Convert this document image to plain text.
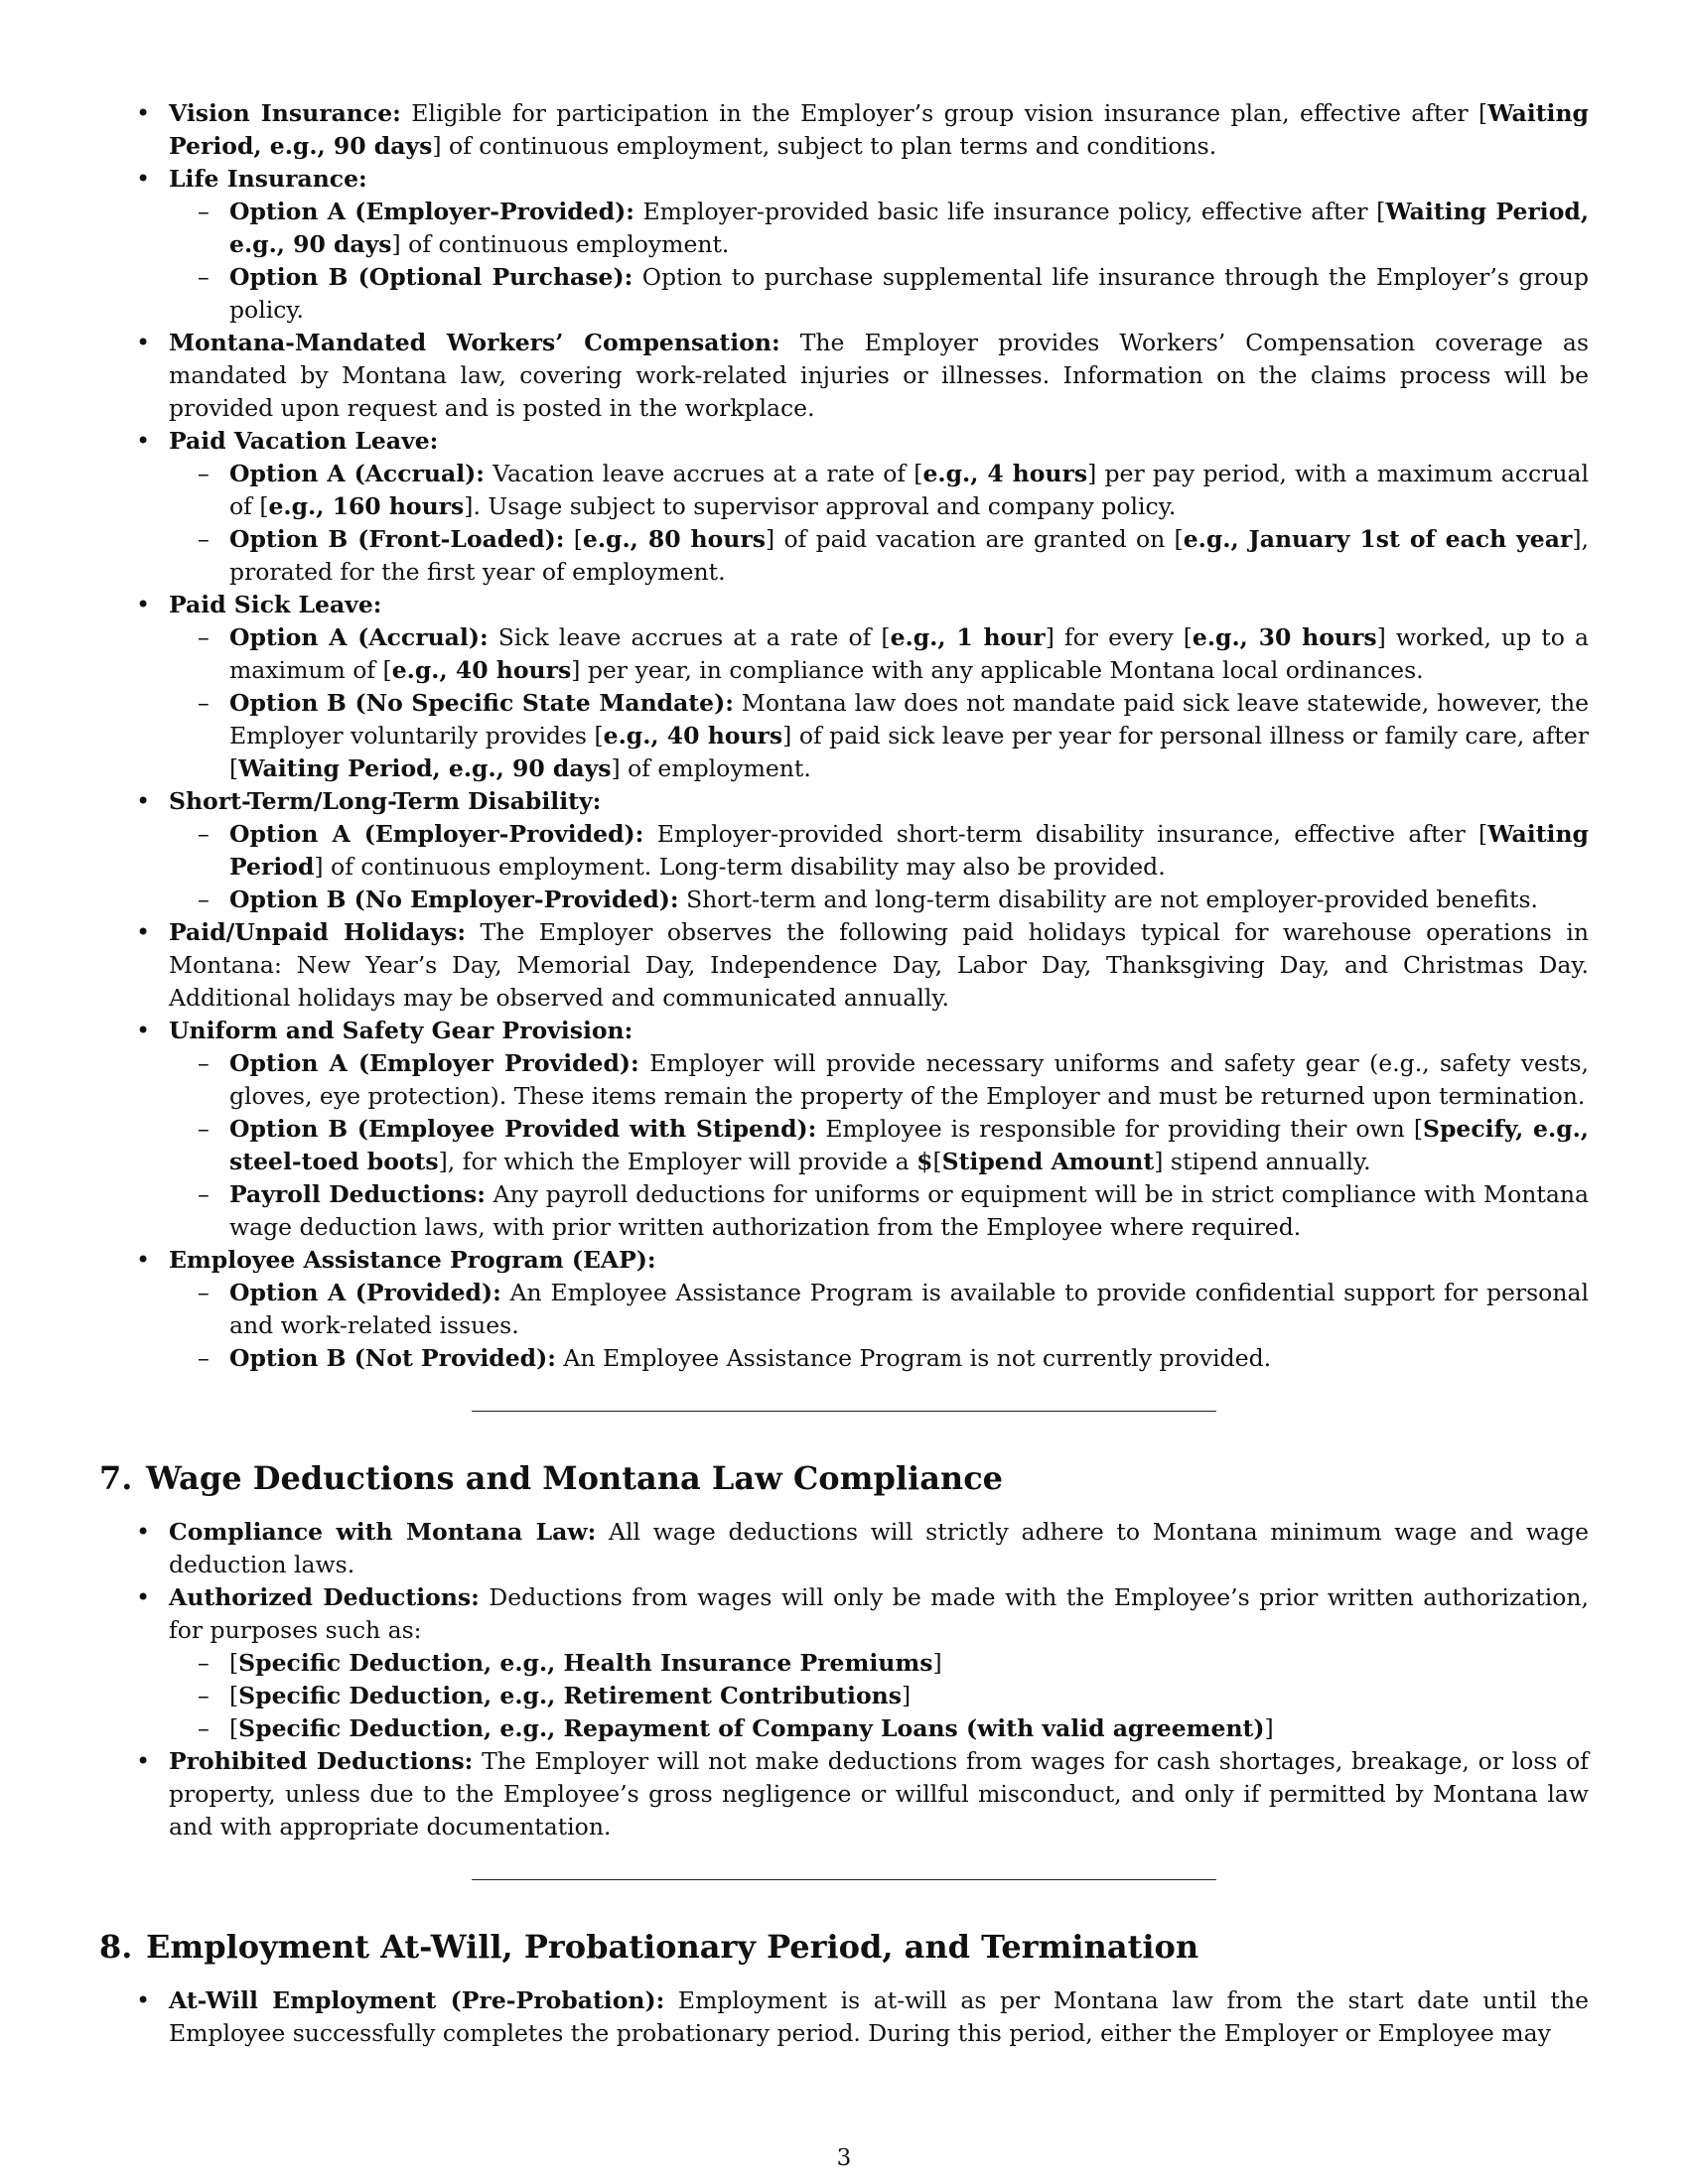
• Vision Insurance: Eligible for participation in the Employer’s group vision insurance plan, effective after [Waiting Period, e.g., 90 days] of continuous employment, subject to plan terms and conditions.
• Life Insurance:
– Option A (Employer-Provided): Employer-provided basic life insurance policy, effective after [Waiting Period, e.g., 90 days] of continuous employment.
– Option B (Optional Purchase): Option to purchase supplemental life insurance through the Employer’s group policy.
• Montana-Mandated Workers’ Compensation: The Employer provides Workers’ Compensation coverage as mandated by Montana law, covering work-related injuries or illnesses. Information on the claims process will be provided upon request and is posted in the workplace.
• Paid Vacation Leave:
– Option A (Accrual): Vacation leave accrues at a rate of [e.g., 4 hours] per pay period, with a maximum accrual of [e.g., 160 hours]. Usage subject to supervisor approval and company policy.
– Option B (Front-Loaded): [e.g., 80 hours] of paid vacation are granted on [e.g., January 1st of each year], prorated for the first year of employment.
• Paid Sick Leave:
– Option A (Accrual): Sick leave accrues at a rate of [e.g., 1 hour] for every [e.g., 30 hours] worked, up to a maximum of [e.g., 40 hours] per year, in compliance with any applicable Montana local ordinances.
– Option B (No Specific State Mandate): Montana law does not mandate paid sick leave statewide, however, the Employer voluntarily provides [e.g., 40 hours] of paid sick leave per year for personal illness or family care, after [Waiting Period, e.g., 90 days] of employment.
• Short-Term/Long-Term Disability:
– Option A (Employer-Provided): Employer-provided short-term disability insurance, effective after [Waiting Period] of continuous employment. Long-term disability may also be provided.
– Option B (No Employer-Provided): Short-term and long-term disability are not employer-provided benefits.
• Paid/Unpaid Holidays: The Employer observes the following paid holidays typical for warehouse operations in Montana: New Year’s Day, Memorial Day, Independence Day, Labor Day, Thanksgiving Day, and Christmas Day. Additional holidays may be observed and communicated annually.
• Uniform and Safety Gear Provision:
– Option A (Employer Provided): Employer will provide necessary uniforms and safety gear (e.g., safety vests, gloves, eye protection). These items remain the property of the Employer and must be returned upon termination.
– Option B (Employee Provided with Stipend): Employee is responsible for providing their own [Specify, e.g., steel-toed boots], for which the Employer will provide a $[Stipend Amount] stipend annually.
– Payroll Deductions: Any payroll deductions for uniforms or equipment will be in strict compliance with Montana wage deduction laws, with prior written authorization from the Employee where required.
• Employee Assistance Program (EAP):
– Option A (Provided): An Employee Assistance Program is available to provide confidential support for personal and work-related issues.
– Option B (Not Provided): An Employee Assistance Program is not currently provided.
7. Wage Deductions and Montana Law Compliance
• Compliance with Montana Law: All wage deductions will strictly adhere to Montana minimum wage and wage deduction laws.
• Authorized Deductions: Deductions from wages will only be made with the Employee’s prior written authorization, for purposes such as:
– [Specific Deduction, e.g., Health Insurance Premiums]
– [Specific Deduction, e.g., Retirement Contributions]
– [Specific Deduction, e.g., Repayment of Company Loans (with valid agreement)]
• Prohibited Deductions: The Employer will not make deductions from wages for cash shortages, breakage, or loss of property, unless due to the Employee’s gross negligence or willful misconduct, and only if permitted by Montana law and with appropriate documentation.
8. Employment At-Will, Probationary Period, and Termination
• At-Will Employment (Pre-Probation): Employment is at-will as per Montana law from the start date until the Employee successfully completes the probationary period. During this period, either the Employer or Employee may
3
